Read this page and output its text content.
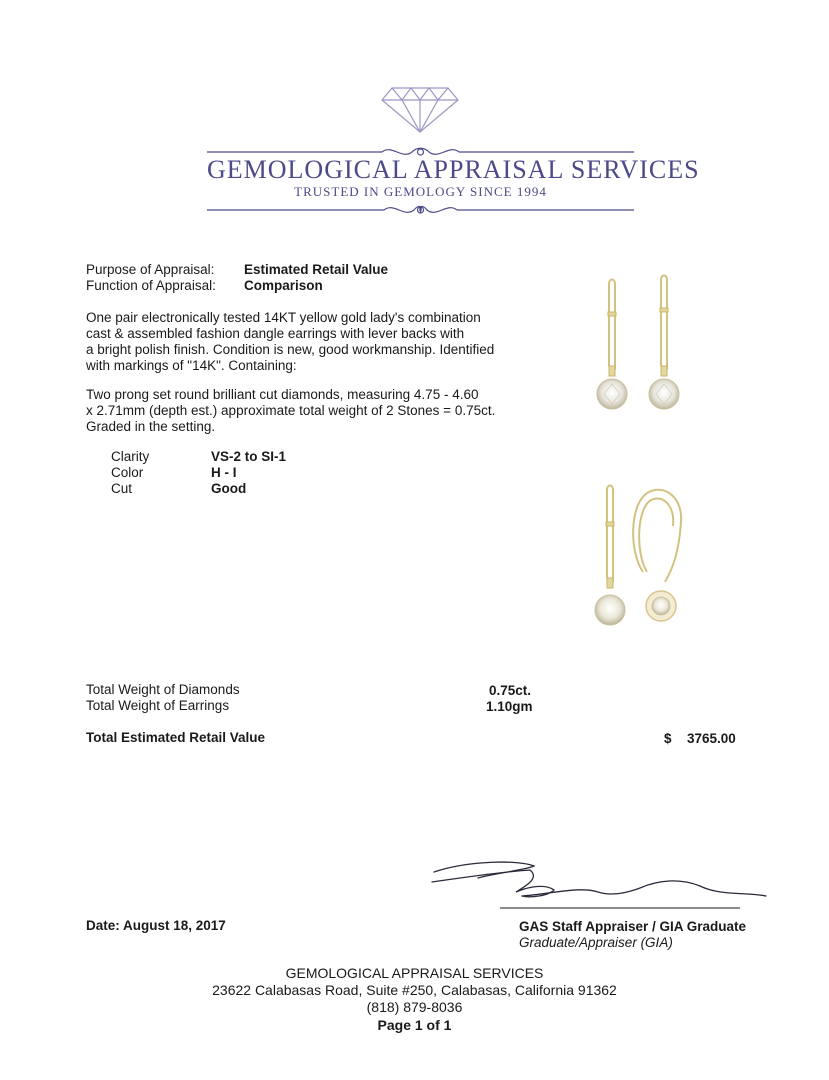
GEMOLOGICAL APPRAISAL SERVICES
TRUSTED IN GEMOLOGY SINCE 1994
Purpose of Appraisal: Estimated Retail Value
Function of Appraisal: Comparison
One pair electronically tested 14KT yellow gold lady's combination
cast & assembled fashion dangle earrings with lever backs with
a bright polish finish. Condition is new, good workmanship. Identified
with markings of "14K". Containing:
Two prong set round brilliant cut diamonds, measuring 4.75 - 4.60
x 2.71mm (depth est.) approximate total weight of 2 Stones = 0.75ct.
Graded in the setting.
Clarity	VS-2 to SI-1
Color	H - I
Cut	Good
Total Weight of Diamonds	0.75ct.
Total Weight of Earrings	1.10gm
Total Estimated Retail Value	$ 3765.00
Date: August 18, 2017	GAS Staff Appraiser / GIA Graduate
Graduate/Appraiser (GIA)
GEMOLOGICAL APPRAISAL SERVICES
23622 Calabasas Road, Suite #250, Calabasas, California 91362
(818) 879-8036
Page 1 of 1
